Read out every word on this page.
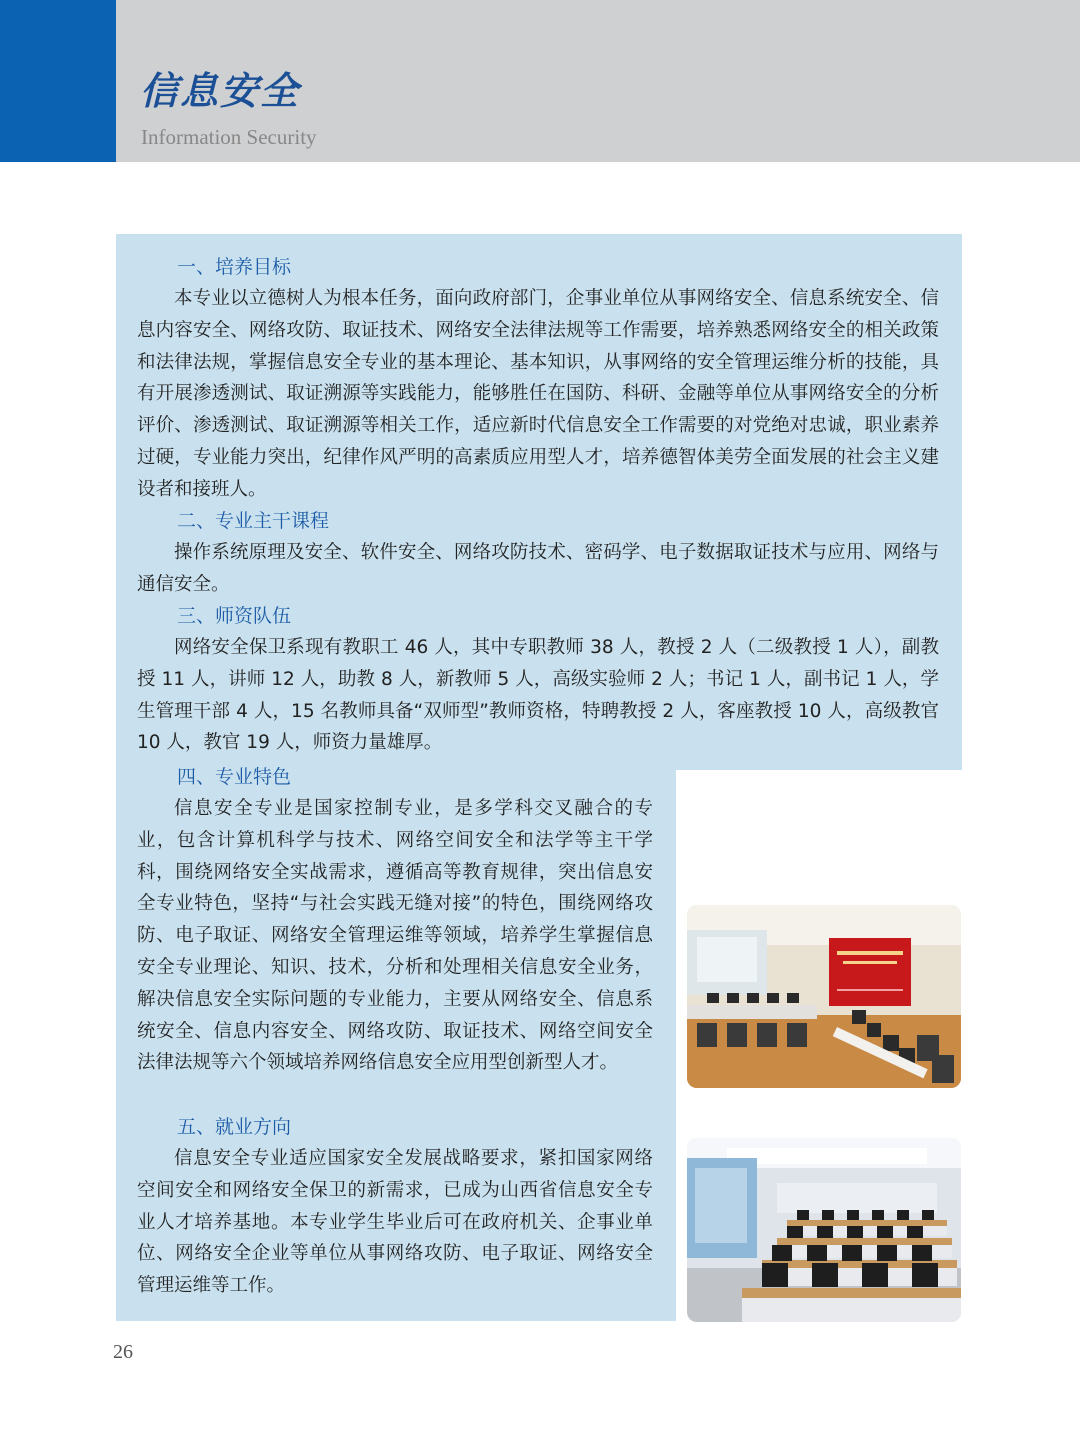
信息安全
Information Security
一、培养目标

本专业以立德树人为根本任务，面向政府部门，企事业单位从事网络安全、信息系统安全、信息内容安全、网络攻防、取证技术、网络安全法律法规等工作需要，培养熟悉网络安全的相关政策和法律法规，掌握信息安全专业的基本理论、基本知识，从事网络的安全管理运维分析的技能，具有开展渗透测试、取证溯源等实践能力，能够胜任在国防、科研、金融等单位从事网络安全的分析评价、渗透测试、取证溯源等相关工作，适应新时代信息安全工作需要的对党绝对忠诚，职业素养过硬，专业能力突出，纪律作风严明的高素质应用型人才，培养德智体美劳全面发展的社会主义建设者和接班人。

二、专业主干课程

操作系统原理及安全、软件安全、网络攻防技术、密码学、电子数据取证技术与应用、网络与通信安全。

三、师资队伍

网络安全保卫系现有教职工 46 人，其中专职教师 38 人，教授 2 人（二级教授 1 人），副教授 11 人，讲师 12 人，助教 8 人，新教师 5 人，高级实验师 2 人；书记 1 人，副书记 1 人，学生管理干部 4 人，15 名教师具备“双师型”教师资格，特聘教授 2 人，客座教授 10 人，高级教官 10 人，教官 19 人，师资力量雄厚。

四、专业特色

信息安全专业是国家控制专业，是多学科交叉融合的专业，包含计算机科学与技术、网络空间安全和法学等主干学科，围绕网络安全实战需求，遵循高等教育规律，突出信息安全专业特色，坚持“与社会实践无缝对接”的特色，围绕网络攻防、电子取证、网络安全管理运维等领域，培养学生掌握信息安全专业理论、知识、技术，分析和处理相关信息安全业务，解决信息安全实际问题的专业能力，主要从网络安全、信息系统安全、信息内容安全、网络攻防、取证技术、网络空间安全法律法规等六个领域培养网络信息安全应用型创新型人才。

五、就业方向

信息安全专业适应国家安全发展战略要求，紧扣国家网络空间安全和网络安全保卫的新需求，已成为山西省信息安全专业人才培养基地。本专业学生毕业后可在政府机关、企事业单位、网络安全企业等单位从事网络攻防、电子取证、网络安全管理运维等工作。

26
